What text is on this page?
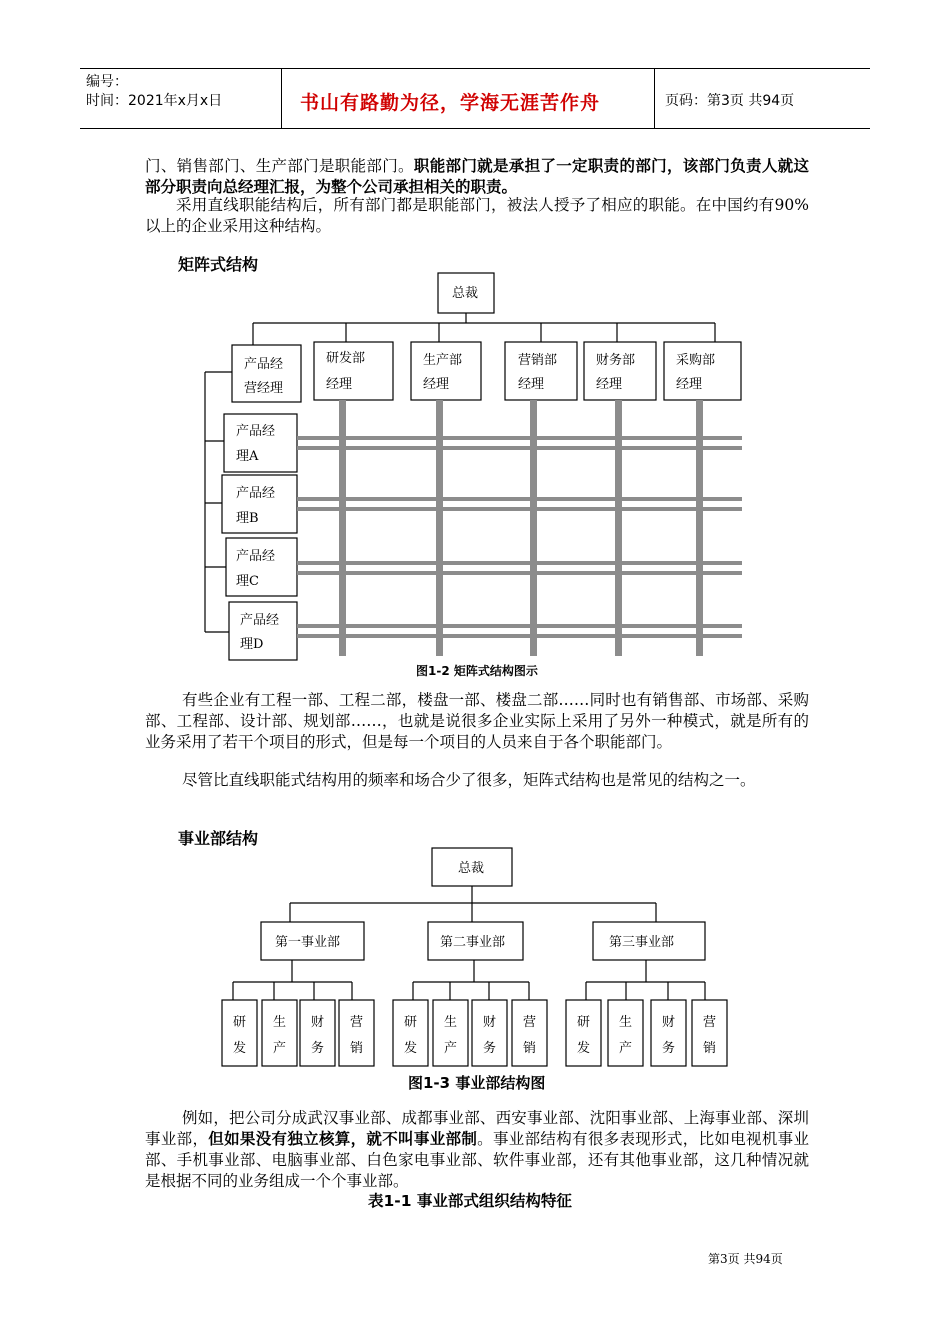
编号：
时间：2021年x月x日	书山有路勤为径，学海无涯苦作舟	页码：第3页 共94页
门、销售部门、生产部门是职能部门。职能部门就是承担了一定职责的部门，该部门负责人就这部分职责向总经理汇报，为整个公司承担相关的职责。
采用直线职能结构后，所有部门都是职能部门，被法人授予了相应的职能。在中国约有90%以上的企业采用这种结构。
矩阵式结构
总裁
产品经
营经理
研发部
经理
生产部
经理
营销部
经理
财务部
经理
采购部
经理
产品经
理A
产品经
理B
产品经
理C
产品经
理D
图1-2 矩阵式结构图示
有些企业有工程一部、工程二部，楼盘一部、楼盘二部……同时也有销售部、市场部、采购部、工程部、设计部、规划部……，也就是说很多企业实际上采用了另外一种模式，就是所有的业务采用了若干个项目的形式，但是每一个项目的人员来自于各个职能部门。
尽管比直线职能式结构用的频率和场合少了很多，矩阵式结构也是常见的结构之一。
事业部结构
总裁
第一事业部	第二事业部	第三事业部
研
发
生
产
财
务
营
销
研
发
生
产
财
务
营
销
研
发
生
产
财
务
营
销
图1-3 事业部结构图
例如，把公司分成武汉事业部、成都事业部、西安事业部、沈阳事业部、上海事业部、深圳事业部，但如果没有独立核算，就不叫事业部制。事业部结构有很多表现形式，比如电视机事业部、手机事业部、电脑事业部、白色家电事业部、软件事业部，还有其他事业部，这几种情况就是根据不同的业务组成一个个事业部。
表1-1 事业部式组织结构特征
第3页 共94页
